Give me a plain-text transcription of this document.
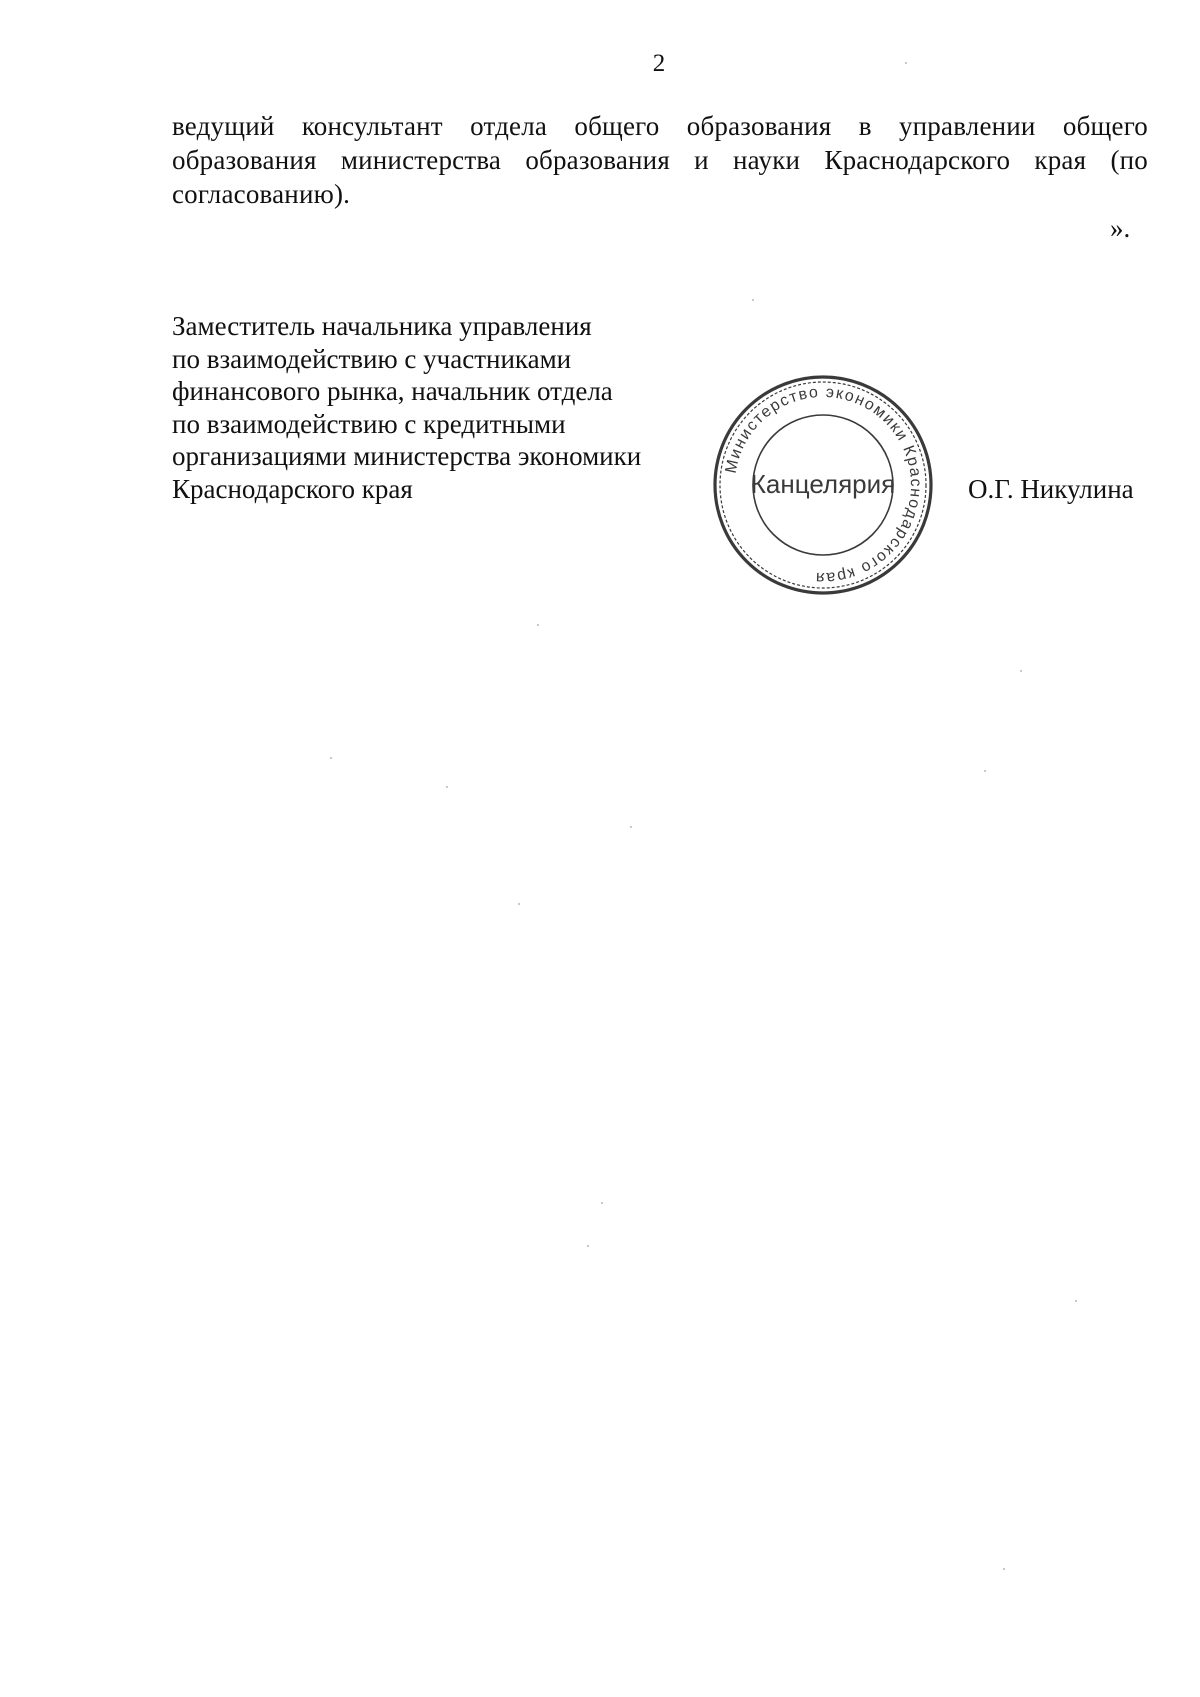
2
ведущий консультант отдела общего образования в управлении общего
образования министерства образования и науки Краснодарского края (по
согласованию).
».
Заместитель начальника управления
по взаимодействию с участниками
финансового рынка, начальник отдела
по взаимодействию с кредитными
организациями министерства экономики
Краснодарского края
Министерство экономики Краснодарского края
Канцелярия	О.Г. Никулина
